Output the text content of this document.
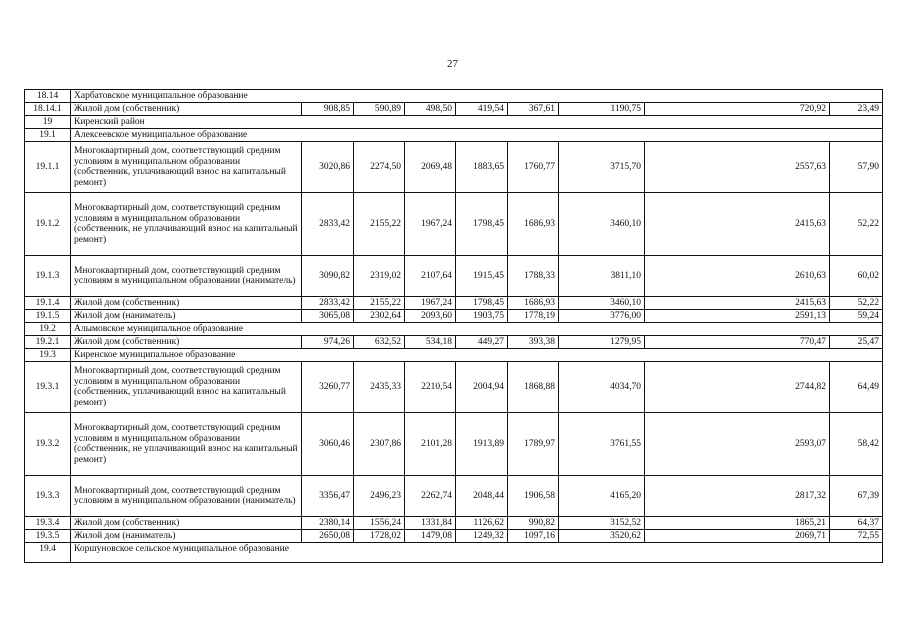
27
18.14	Харбатовское муниципальное образование								
18.14.1	Жилой дом (собственник)	908,85	590,89	498,50	419,54	367,61	1190,75	720,92	23,49
19	Киренский район								
19.1	Алексеевское муниципальное образование								
19.1.1	Многоквартирный дом, соответствующий средним условиям в муниципальном образовании (собственник, уплачивающий взнос на капитальный ремонт)	3020,86	2274,50	2069,48	1883,65	1760,77	3715,70	2557,63	57,90
19.1.2	Многоквартирный дом, соответствующий средним условиям в муниципальном образовании (собственник, не уплачивающий взнос на капитальный ремонт)	2833,42	2155,22	1967,24	1798,45	1686,93	3460,10	2415,63	52,22
19.1.3	Многоквартирный дом, соответствующий средним условиям в муниципальном образовании (наниматель)	3090,82	2319,02	2107,64	1915,45	1788,33	3811,10	2610,63	60,02
19.1.4	Жилой дом (собственник)	2833,42	2155,22	1967,24	1798,45	1686,93	3460,10	2415,63	52,22
19.1.5	Жилой дом (наниматель)	3065,08	2302,64	2093,60	1903,75	1778,19	3776,00	2591,13	59,24
19.2	Алымовское муниципальное образование								
19.2.1	Жилой дом (собственник)	974,26	632,52	534,18	449,27	393,38	1279,95	770,47	25,47
19.3	Киренское муниципальное образование								
19.3.1	Многоквартирный дом, соответствующий средним условиям в муниципальном образовании (собственник, уплачивающий взнос на капитальный ремонт)	3260,77	2435,33	2210,54	2004,94	1868,88	4034,70	2744,82	64,49
19.3.2	Многоквартирный дом, соответствующий средним условиям в муниципальном образовании (собственник, не уплачивающий взнос на капитальный ремонт)	3060,46	2307,86	2101,28	1913,89	1789,97	3761,55	2593,07	58,42
19.3.3	Многоквартирный дом, соответствующий средним условиям в муниципальном образовании (наниматель)	3356,47	2496,23	2262,74	2048,44	1906,58	4165,20	2817,32	67,39
19.3.4	Жилой дом (собственник)	2380,14	1556,24	1331,84	1126,62	990,82	3152,52	1865,21	64,37
19.3.5	Жилой дом (наниматель)	2650,08	1728,02	1479,08	1249,32	1097,16	3520,62	2069,71	72,55
19.4	Коршуновское сельское муниципальное образование								
